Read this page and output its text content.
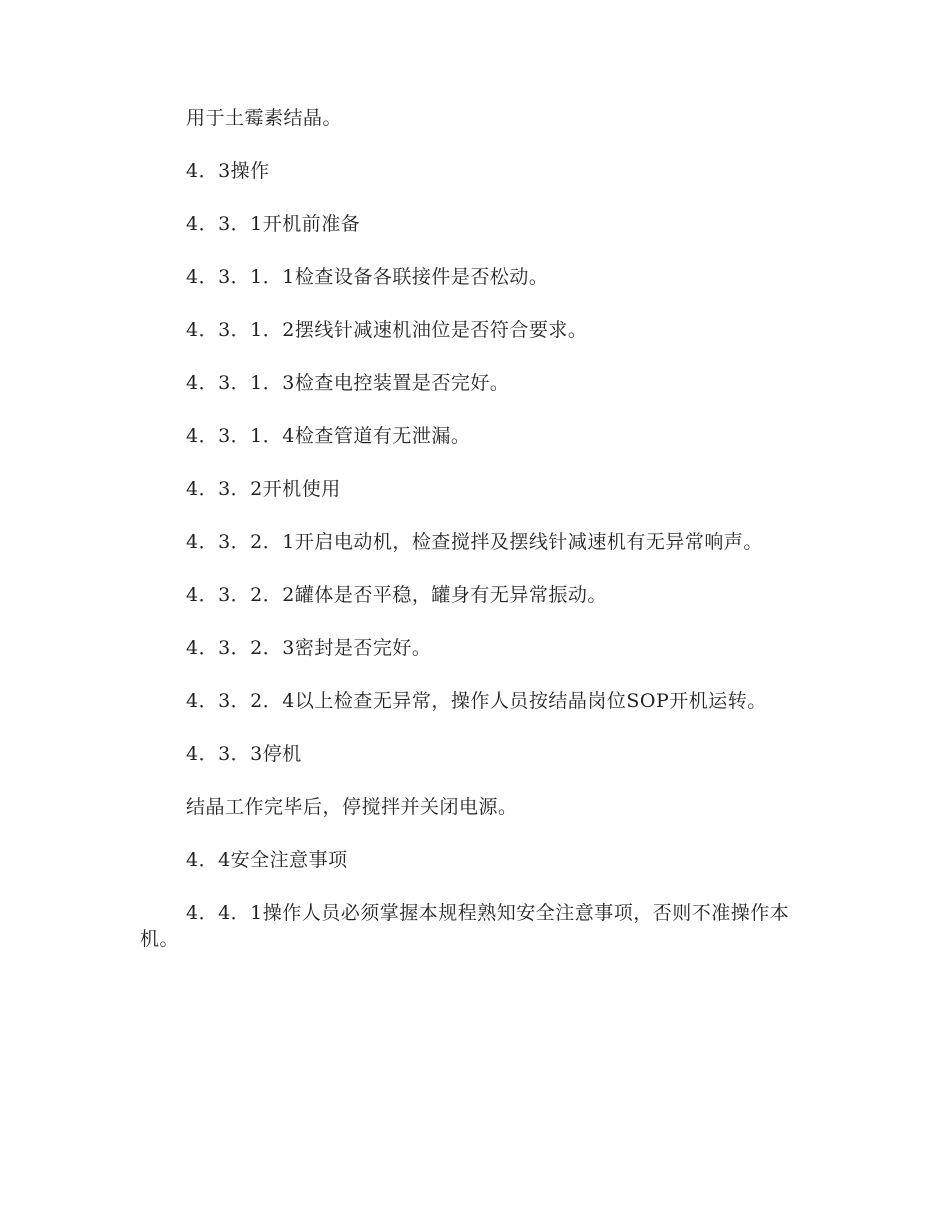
用于土霉素结晶。

4．3操作

4．3．1开机前准备

4．3．1．1检查设备各联接件是否松动。

4．3．1．2摆线针减速机油位是否符合要求。

4．3．1．3检查电控装置是否完好。

4．3．1．4检查管道有无泄漏。

4．3．2开机使用

4．3．2．1开启电动机，检查搅拌及摆线针减速机有无异常响声。

4．3．2．2罐体是否平稳，罐身有无异常振动。

4．3．2．3密封是否完好。

4．3．2．4以上检查无异常，操作人员按结晶岗位SOP开机运转。

4．3．3停机

结晶工作完毕后，停搅拌并关闭电源。

4．4安全注意事项

4．4．1操作人员必须掌握本规程熟知安全注意事项，否则不准操作本机。
